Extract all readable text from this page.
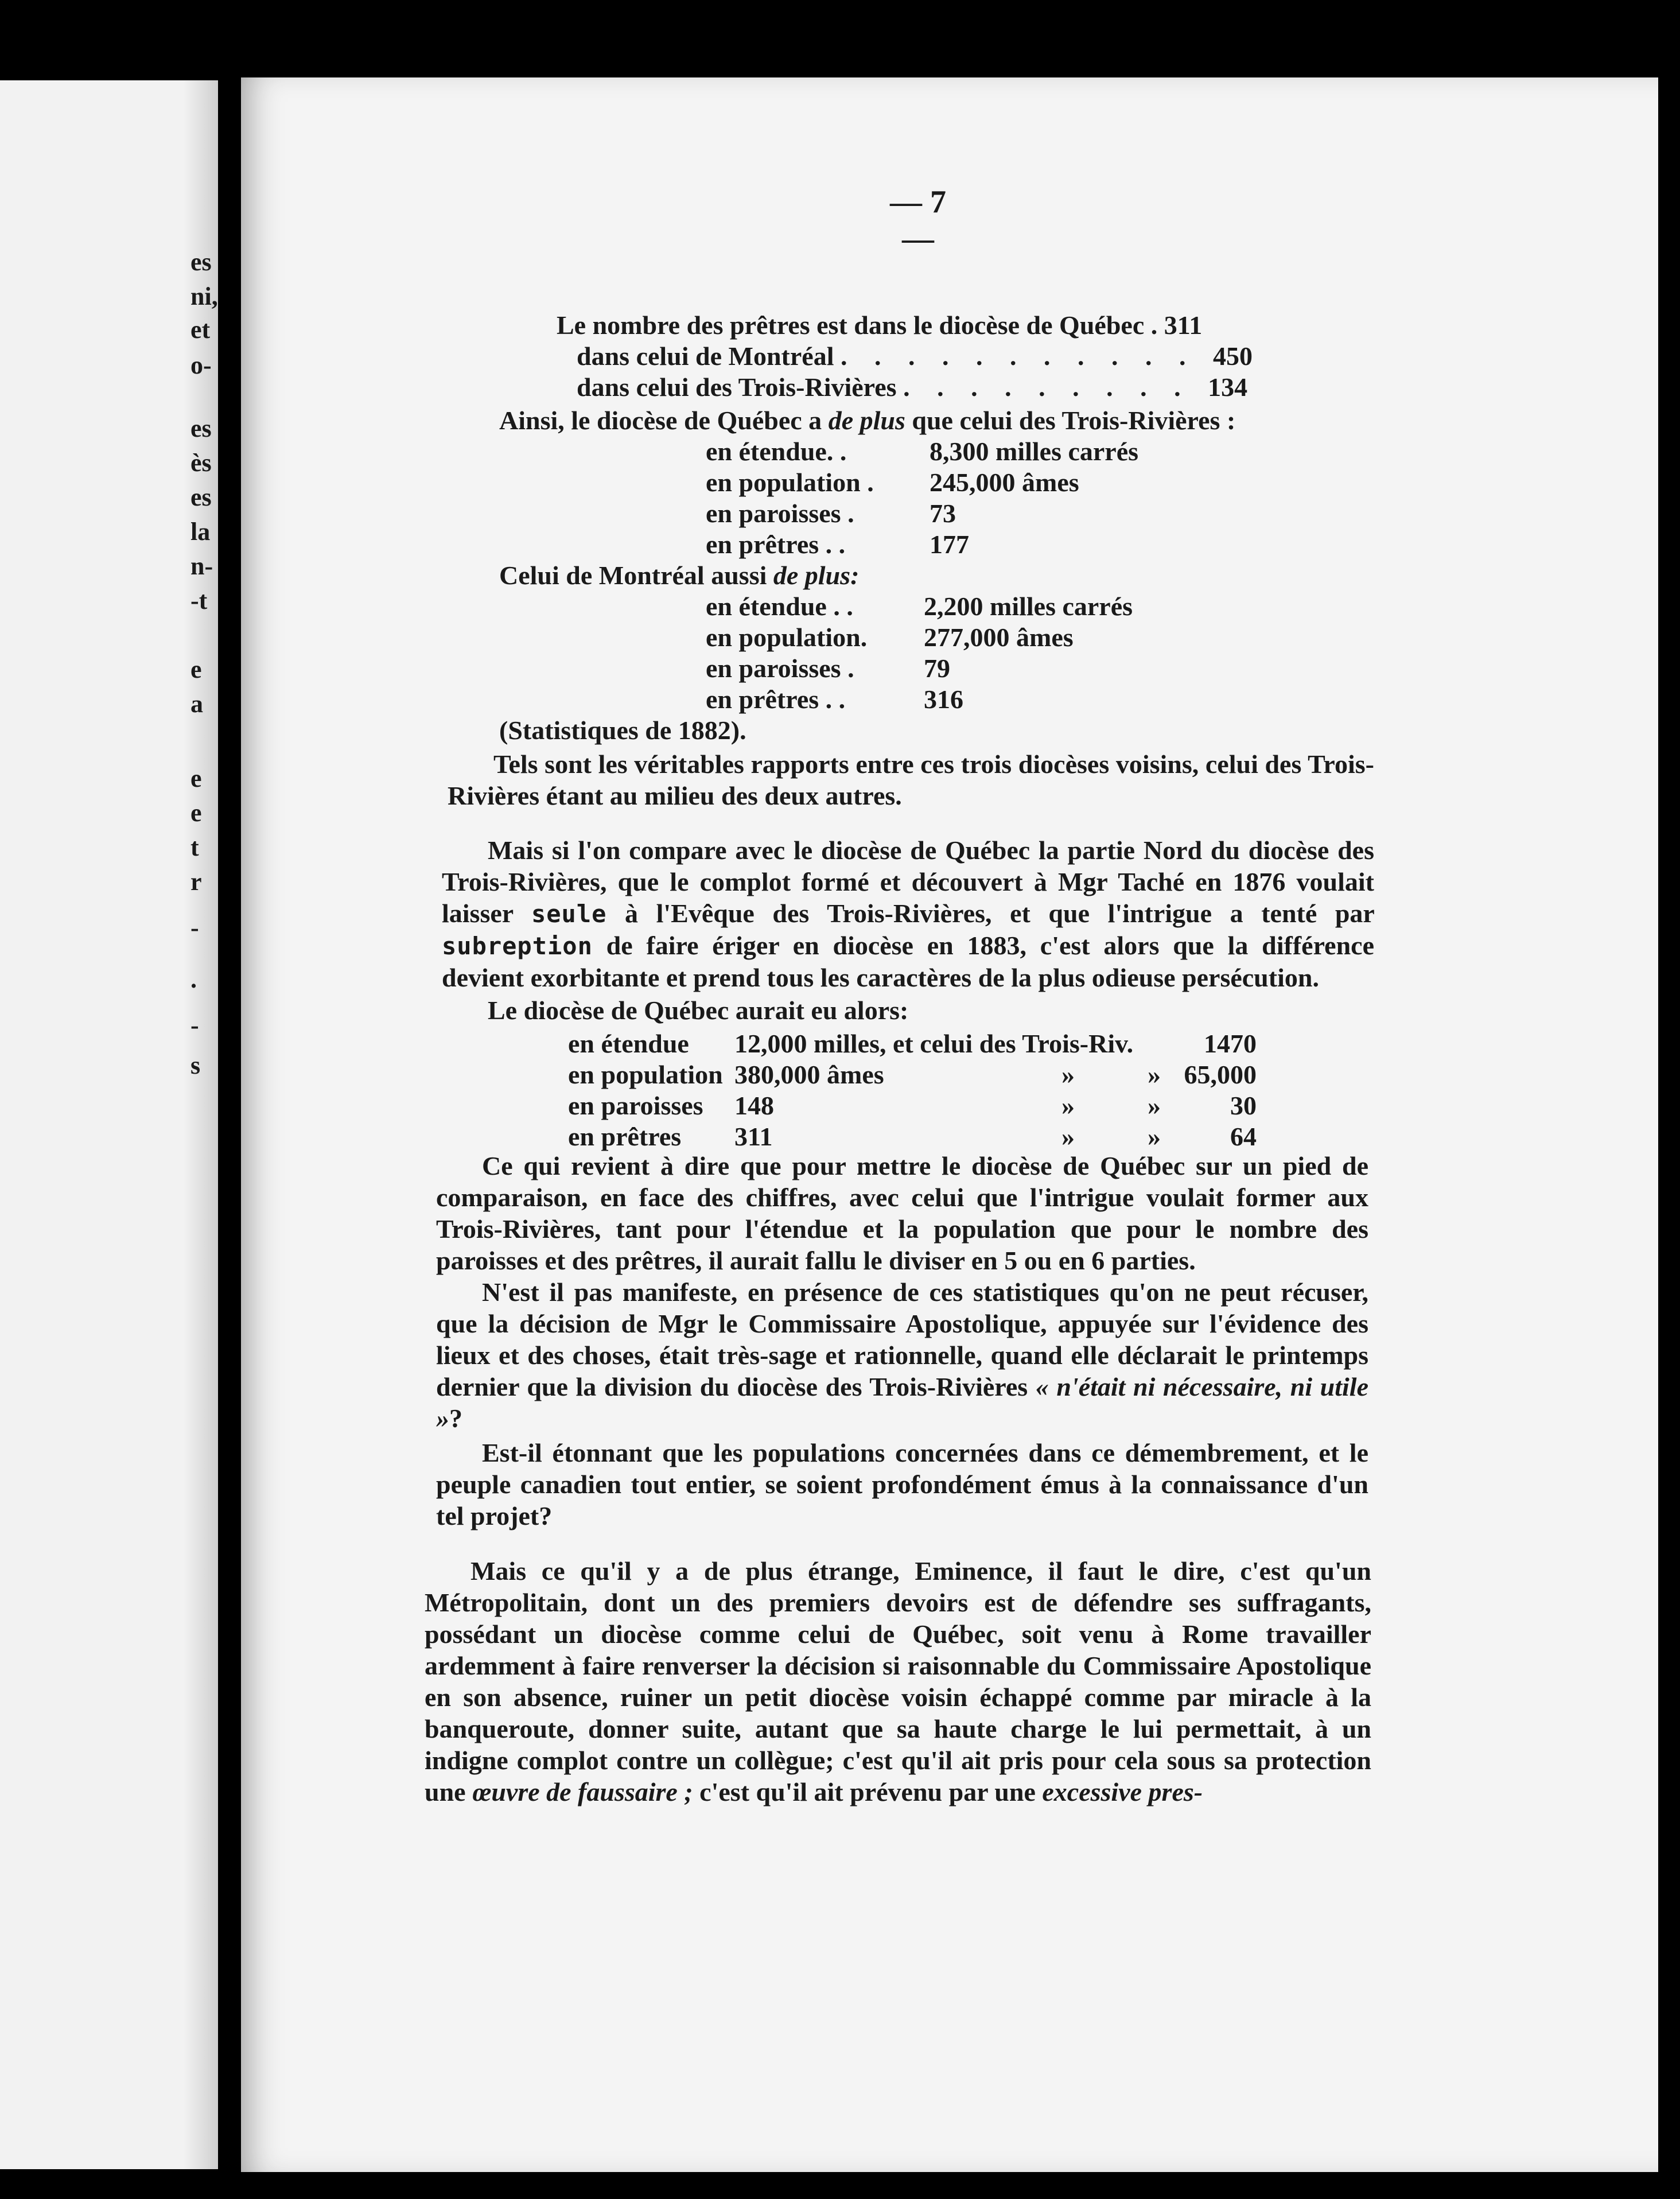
es
ni,
et
o-
es
ès
es
la
n-
-t
e
a
e
e
t
r
-
.
-
s
— 7 —
Le nombre des prêtres est dans le diocèse de Québec . 311
dans celui de Montréal . . . . . . . . . . . 450
dans celui des Trois-Rivières . . . . . . . . . 134
Ainsi, le diocèse de Québec a de plus que celui des Trois-Rivières :
en étendue. .	8,300 milles carrés
en population . 245,000 âmes
en paroisses .	73
en prêtres . .	177
Celui de Montréal aussi de plus:
en étendue . .	2,200 milles carrés
en population. 277,000 âmes
en paroisses .	79
en prêtres . .	316
(Statistiques de 1882).
Tels sont les véritables rapports entre ces trois diocèses voisins, celui des Trois-Rivières étant au milieu des deux autres.
Mais si l'on compare avec le diocèse de Québec la partie Nord du diocèse des Trois-Rivières, que le complot formé et découvert à Mgr Taché en 1876 voulait laisser seule à l'Evêque des Trois-Rivières, et que l'intrigue a tenté par subreption de faire ériger en diocèse en 1883, c'est alors que la différence devient exorbitante et prend tous les caractères de la plus odieuse persécution.
Le diocèse de Québec aurait eu alors:
en étendue 12,000 milles, et celui des Trois-Riv.	1470
en population 380,000 âmes	»	» 65,000
en paroisses 148	»	»	30
en prêtres 311	»	»	64
Ce qui revient à dire que pour mettre le diocèse de Québec sur un pied de comparaison, en face des chiffres, avec celui que l'intrigue voulait former aux Trois-Rivières, tant pour l'étendue et la population que pour le nombre des paroisses et des prêtres, il aurait fallu le diviser en 5 ou en 6 parties.
N'est il pas manifeste, en présence de ces statistiques qu'on ne peut récuser, que la décision de Mgr le Commissaire Apostolique, appuyée sur l'évidence des lieux et des choses, était très-sage et rationnelle, quand elle déclarait le printemps dernier que la division du diocèse des Trois-Rivières « n'était ni nécessaire, ni utile »?
Est-il étonnant que les populations concernées dans ce démembrement, et le peuple canadien tout entier, se soient profondément émus à la connaissance d'un tel projet?
Mais ce qu'il y a de plus étrange, Eminence, il faut le dire, c'est qu'un Métropolitain, dont un des premiers devoirs est de défendre ses suffragants, possédant un diocèse comme celui de Québec, soit venu à Rome travailler ardemment à faire renverser la décision si raisonnable du Commissaire Apostolique en son absence, ruiner un petit diocèse voisin échappé comme par miracle à la banqueroute, donner suite, autant que sa haute charge le lui permettait, à un indigne complot contre un collègue; c'est qu'il ait pris pour cela sous sa protection une œuvre de faussaire ; c'est qu'il ait prévenu par une excessive pres-
